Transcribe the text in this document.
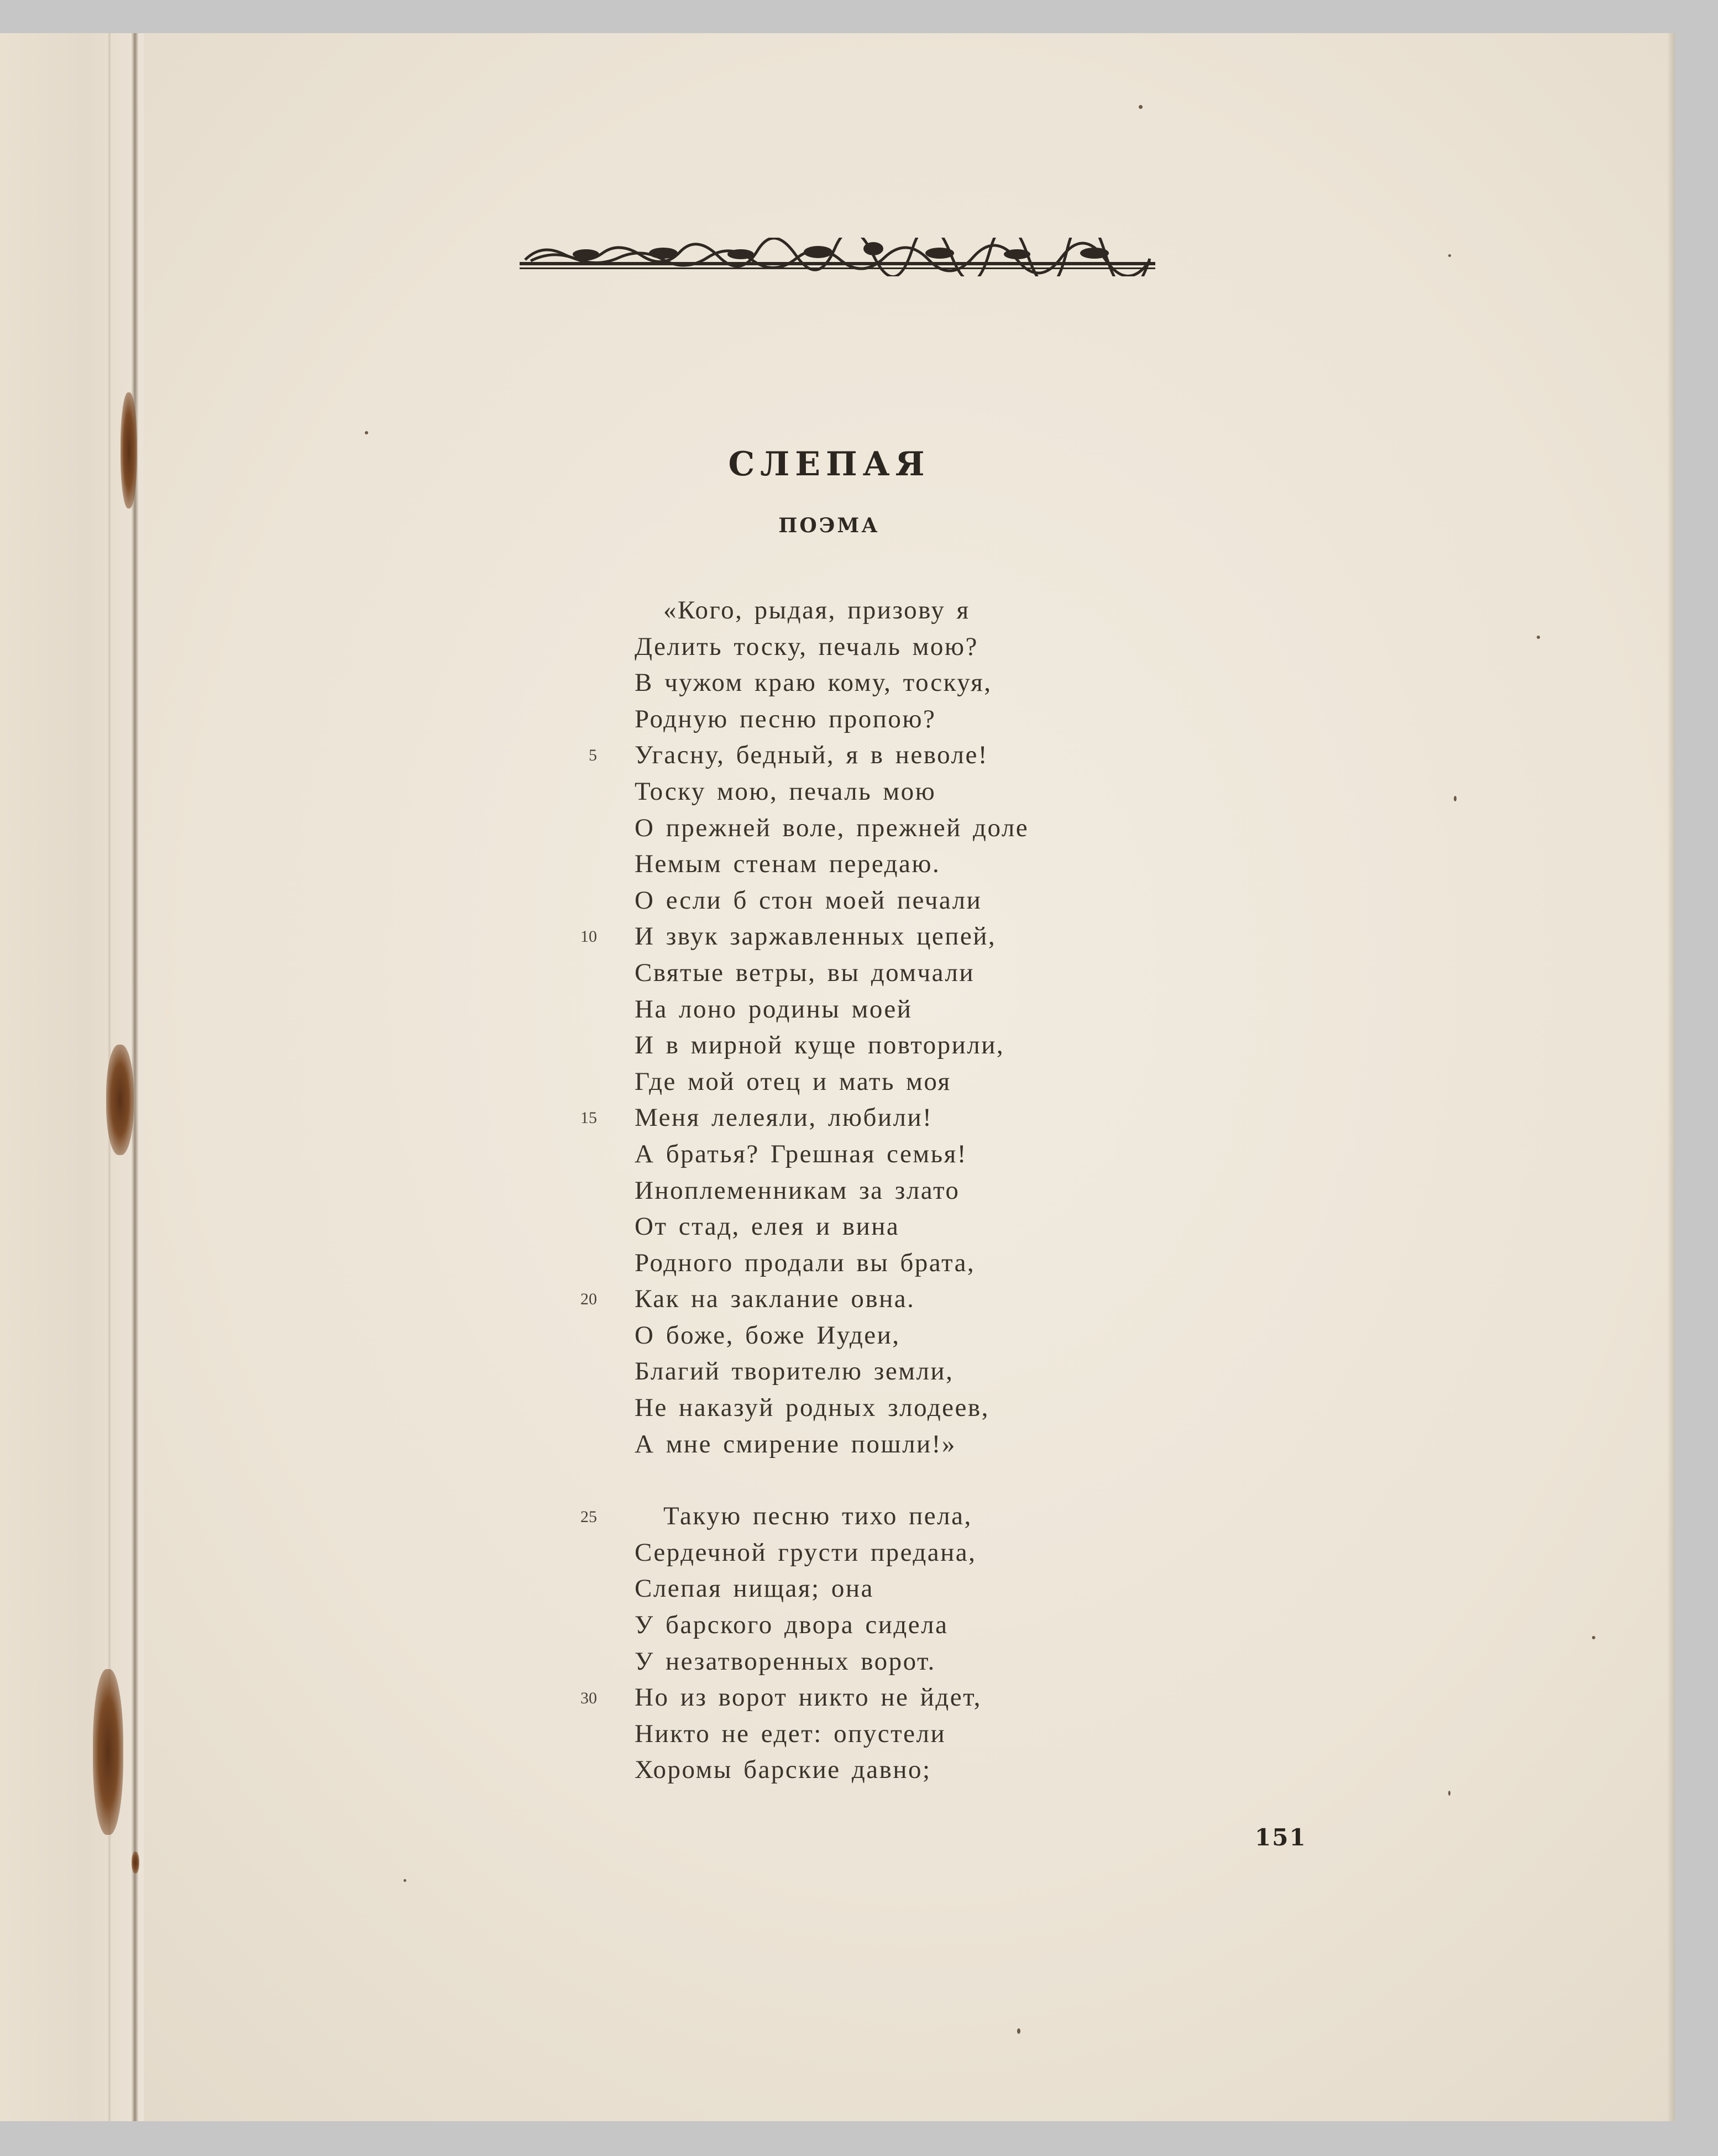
СЛЕПАЯ
ПОЭМА
5
10
15
20
25
30
«Кого, рыдая, призову я
Делить тоску, печаль мою?
В чужом краю кому, тоскуя,
Родную песню пропою?
Угасну, бедный, я в неволе!
Тоску мою, печаль мою
О прежней воле, прежней доле
Немым стенам передаю.
О если б стон моей печали
И звук заржавленных цепей,
Святые ветры, вы домчали
На лоно родины моей
И в мирной куще повторили,
Где мой отец и мать моя
Меня лелеяли, любили!
А братья? Грешная семья!
Иноплеменникам за злато
От стад, елея и вина
Родного продали вы брата,
Как на заклание овна.
О боже, боже Иудеи,
Благий творителю земли,
Не наказуй родных злодеев,
А мне смирение пошли!»
Такую песню тихо пела,
Сердечной грусти предана,
Слепая нищая; она
У барского двора сидела
У незатворенных ворот.
Но из ворот никто не йдет,
Никто не едет: опустели
Хоромы барские давно;
151
